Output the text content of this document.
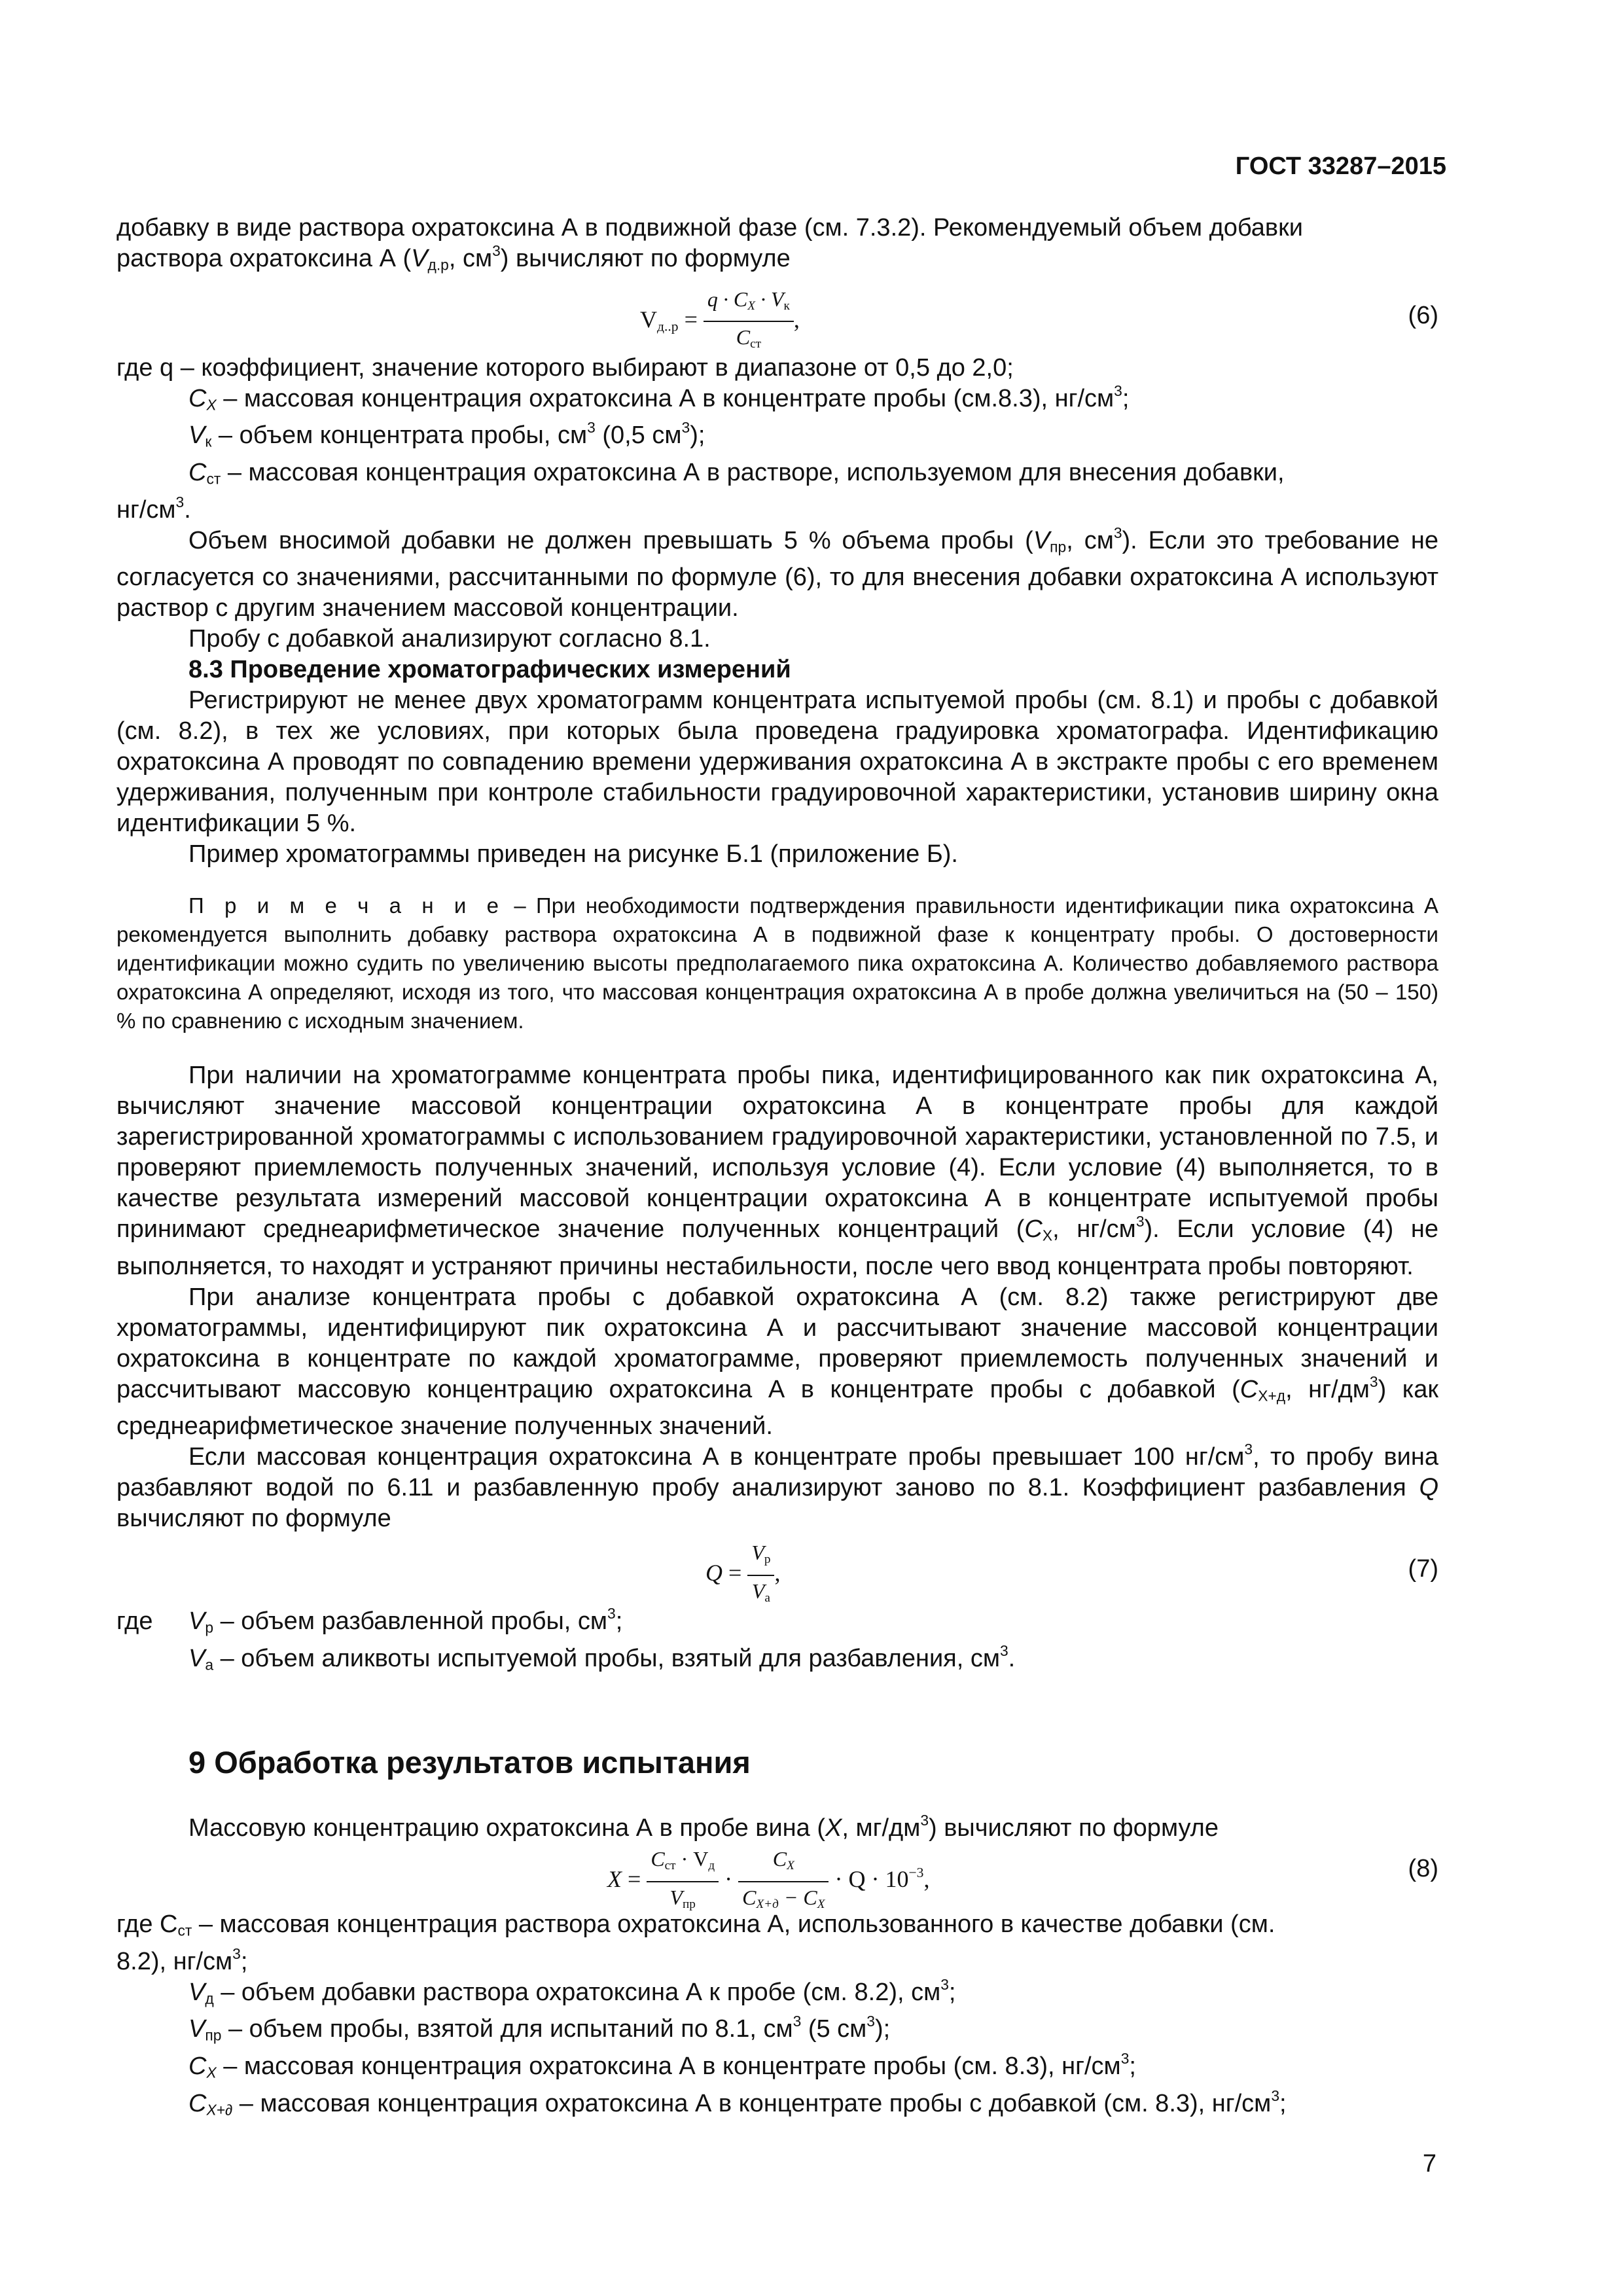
ГОСТ 33287–2015

добавку в виде раствора охратоксина А в подвижной фазе (см. 7.3.2). Рекомендуемый объем добавки

раствора охратоксина А ($V_{д.р}$, $см^3$) вычисляют по формуле

$V_{д..р} = \frac{q \cdot C_X \cdot V_к}{C_{ст}}$ ,	(6)
где q – коэффициент, значение которого выбирают в диапазоне от 0,5 до 2,0;
$C_X$ – массовая концентрация охратоксина А в концентрате пробы (см.8.3), $нг/см^3$;
$V_к$ – объем концентрата пробы, $см^3$ (0,5 $см^3$);
$C_{ст}$ – массовая концентрация охратоксина А в растворе, используемом для внесения добавки,
$нг/см^3$.

Объем вносимой добавки не должен превышать 5 % объема пробы ($V_{пр}$, $см^3$). Если это требование не согласуется со значениями, рассчитанными по формуле (6), то для внесения добавки охратоксина А используют раствор с другим значением массовой концентрации.

Пробу с добавкой анализируют согласно 8.1.

8.3 Проведение хроматографических измерений

Регистрируют не менее двух хроматограмм концентрата испытуемой пробы (см. 8.1) и пробы с добавкой (см. 8.2), в тех же условиях, при которых была проведена градуировка хроматографа. Идентификацию охратоксина А проводят по совпадению времени удерживания охратоксина А в экстракте пробы с его временем удерживания, полученным при контроле стабильности градуировочной характеристики, установив ширину окна идентификации 5 %.

Пример хроматограммы приведен на рисунке Б.1 (приложение Б).

П р и м е ч а н и е – При необходимости подтверждения правильности идентификации пика охратоксина А рекомендуется выполнить добавку раствора охратоксина А в подвижной фазе к концентрату пробы. О достоверности идентификации можно судить по увеличению высоты предполагаемого пика охратоксина А. Количество добавляемого раствора охратоксина А определяют, исходя из того, что массовая концентрация охратоксина А в пробе должна увеличиться на (50 – 150) % по сравнению с исходным значением.

При наличии на хроматограмме концентрата пробы пика, идентифицированного как пик охратоксина А, вычисляют значение массовой концентрации охратоксина А в концентрате пробы для каждой зарегистрированной хроматограммы с использованием градуировочной характеристики, установленной по 7.5, и проверяют приемлемость полученных значений, используя условие (4). Если условие (4) выполняется, то в качестве результата измерений массовой концентрации охратоксина А в концентрате испытуемой пробы принимают среднеарифметическое значение полученных концентраций ($C_X$, $нг/см^3$). Если условие (4) не выполняется, то находят и устраняют причины нестабильности, после чего ввод концентрата пробы повторяют.

При анализе концентрата пробы с добавкой охратоксина А (см. 8.2) также регистрируют две хроматограммы, идентифицируют пик охратоксина А и рассчитывают значение массовой концентрации охратоксина в концентрате по каждой хроматограмме, проверяют приемлемость полученных значений и рассчитывают массовую концентрацию охратоксина А в концентрате пробы с добавкой ($C_{X+д}$, $нг/дм^3$) как среднеарифметическое значение полученных значений.

Если массовая концентрация охратоксина А в концентрате пробы превышает 100 $нг/см^3$, то пробу вина разбавляют водой по 6.11 и разбавленную пробу анализируют заново по 8.1. Коэффициент разбавления Q вычисляют по формуле

$Q = \frac{V_р}{V_а}$ ,	(7)
где $V_р$ – объем разбавленной пробы, $см^3$;
$V_а$ – объем аликвоты испытуемой пробы, взятый для разбавления, $см^3$.
9 Обработка результатов испытания

Массовую концентрацию охратоксина А в пробе вина (X, $мг/дм^3$) вычисляют по формуле

$X = \frac{C_{ст} \cdot V_д}{V_{пр}} \cdot \frac{C_X}{C_{X+д} - C_X} \cdot Q \cdot 10^{-3}$,	(8)
где $C_{ст}$ – массовая концентрация раствора охратоксина А, использованного в качестве добавки (см.
8.2), $нг/см^3$;
$V_д$ – объем добавки раствора охратоксина А к пробе (см. 8.2), $см^3$;
$V_{пр}$ – объем пробы, взятой для испытаний по 8.1, $см^3$ (5 $см^3$);
$C_X$ – массовая концентрация охратоксина А в концентрате пробы (см. 8.3), $нг/см^3$;
$C_{X+\partial}$ – массовая концентрация охратоксина А в концентрате пробы с добавкой (см. 8.3), $нг/см^3$;
7
